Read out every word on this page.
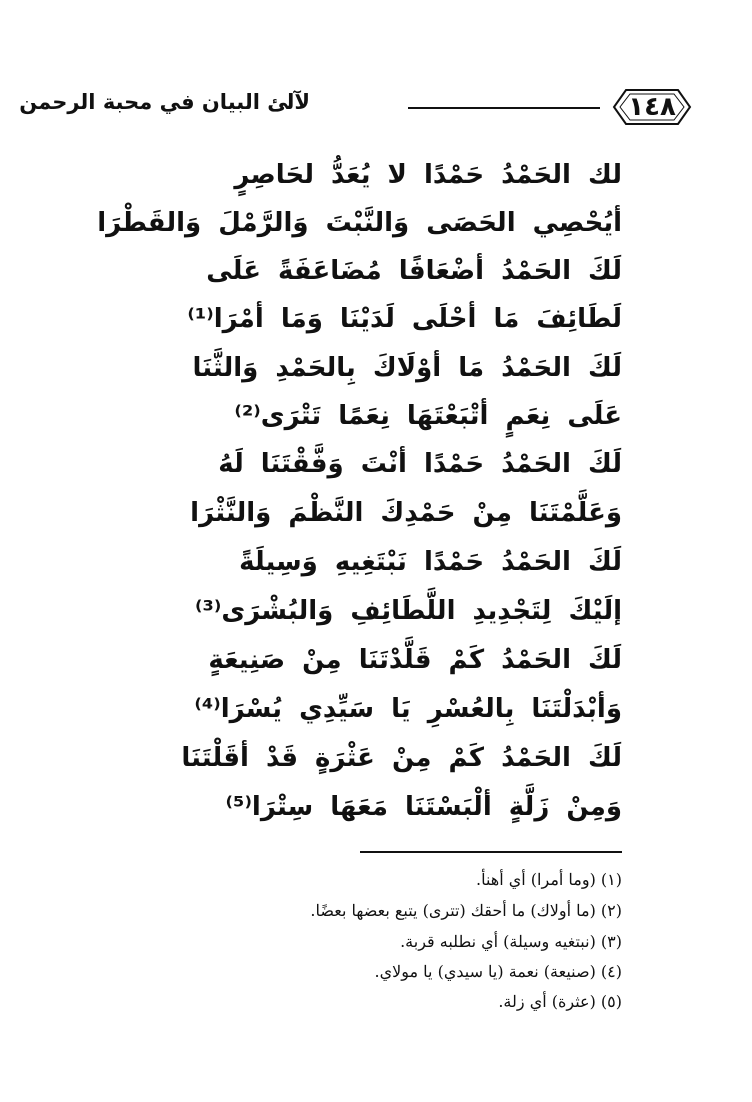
١٤٨
لآلئ البيان في محبة الرحمن
لك الحَمْدُ حَمْدًا لا يُعَدُّ لحَاصِرٍ
أيُحْصِي الحَصَى وَالنَّبْتَ وَالرَّمْلَ وَالقَطْرَا
لَكَ الحَمْدُ أضْعَافًا مُضَاعَفَةً عَلَى
لَطَائِفَ مَا أحْلَى لَدَيْنَا وَمَا أمْرَا⁽¹⁾
لَكَ الحَمْدُ مَا أوْلَاكَ بِالحَمْدِ وَالثَّنَا
عَلَى نِعَمٍ أتْبَعْتَهَا نِعَمًا تَتْرَى⁽²⁾
لَكَ الحَمْدُ حَمْدًا أنْتَ وَفَّقْتَنَا لَهُ
وَعَلَّمْتَنَا مِنْ حَمْدِكَ النَّظْمَ وَالنَّثْرَا
لَكَ الحَمْدُ حَمْدًا نَبْتَغِيهِ وَسِيلَةً
إلَيْكَ لِتَجْدِيدِ اللَّطَائِفِ وَالبُشْرَى⁽³⁾
لَكَ الحَمْدُ كَمْ قَلَّدْتَنَا مِنْ صَنِيعَةٍ
وَأبْدَلْتَنَا بِالعُسْرِ يَا سَيِّدِي يُسْرَا⁽⁴⁾
لَكَ الحَمْدُ كَمْ مِنْ عَثْرَةٍ قَدْ أقَلْتَنَا
وَمِنْ زَلَّةٍ ألْبَسْتَنَا مَعَهَا سِتْرَا⁽⁵⁾
(١) (وما أمرا) أي أهنأ.
(٢) (ما أولاك) ما أحقك (تترى) يتبع بعضها بعضًا.
(٣) (نبتغيه وسيلة) أي نطلبه قربة.
(٤) (صنيعة) نعمة (يا سيدي) يا مولاي.
(٥) (عثرة) أي زلة.
